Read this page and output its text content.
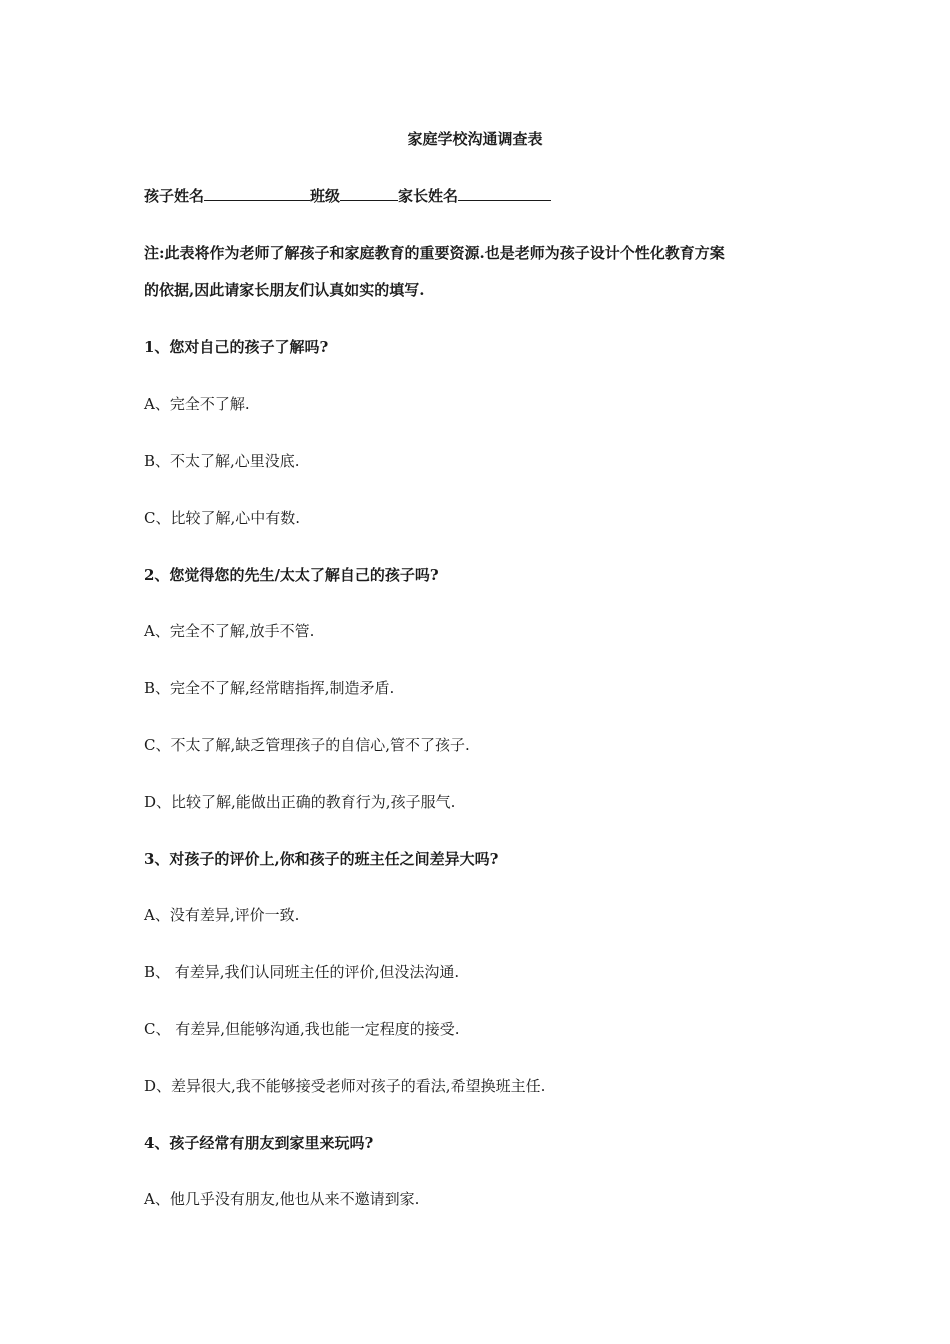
家庭学校沟通调查表
孩子姓名	班级	家长姓名
注:此表将作为老师了解孩子和家庭教育的重要资源.也是老师为孩子设计个性化教育方案
的依据,因此请家长朋友们认真如实的填写.
1、您对自己的孩子了解吗?
A、完全不了解.
B、不太了解,心里没底.
C、比较了解,心中有数.
2、您觉得您的先生/太太了解自己的孩子吗?
A、完全不了解,放手不管.
B、完全不了解,经常瞎指挥,制造矛盾.
C、不太了解,缺乏管理孩子的自信心,管不了孩子.
D、比较了解,能做出正确的教育行为,孩子服气.
3、对孩子的评价上,你和孩子的班主任之间差异大吗?
A、没有差异,评价一致.
B、 有差异,我们认同班主任的评价,但没法沟通.
C、 有差异,但能够沟通,我也能一定程度的接受.
D、差异很大,我不能够接受老师对孩子的看法,希望换班主任.
4、孩子经常有朋友到家里来玩吗?
A、他几乎没有朋友,他也从来不邀请到家.
